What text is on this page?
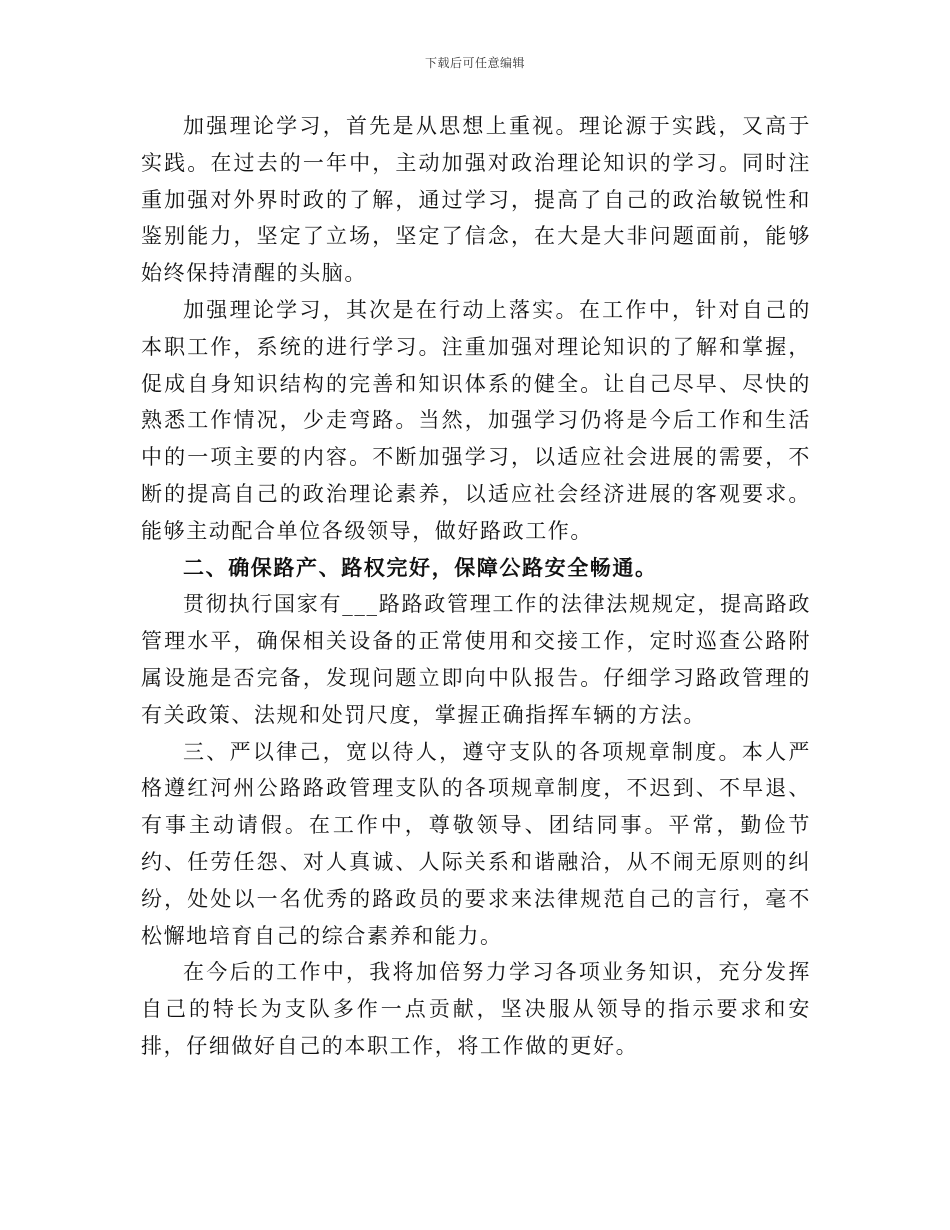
下载后可任意编辑

加强理论学习，首先是从思想上重视。理论源于实践，又高于实践。在过去的一年中，主动加强对政治理论知识的学习。同时注重加强对外界时政的了解，通过学习，提高了自己的政治敏锐性和鉴别能力，坚定了立场，坚定了信念，在大是大非问题面前，能够始终保持清醒的头脑。

加强理论学习，其次是在行动上落实。在工作中，针对自己的本职工作，系统的进行学习。注重加强对理论知识的了解和掌握，促成自身知识结构的完善和知识体系的健全。让自己尽早、尽快的熟悉工作情况，少走弯路。当然，加强学习仍将是今后工作和生活中的一项主要的内容。不断加强学习，以适应社会进展的需要，不断的提高自己的政治理论素养，以适应社会经济进展的客观要求。能够主动配合单位各级领导，做好路政工作。

二、确保路产、路权完好，保障公路安全畅通。

贯彻执行国家有___路路政管理工作的法律法规规定，提高路政管理水平，确保相关设备的正常使用和交接工作，定时巡查公路附属设施是否完备，发现问题立即向中队报告。仔细学习路政管理的有关政策、法规和处罚尺度，掌握正确指挥车辆的方法。

三、严以律己，宽以待人，遵守支队的各项规章制度。本人严格遵红河州公路路政管理支队的各项规章制度，不迟到、不早退、有事主动请假。在工作中，尊敬领导、团结同事。平常，勤俭节约、任劳任怨、对人真诚、人际关系和谐融洽，从不闹无原则的纠纷，处处以一名优秀的路政员的要求来法律规范自己的言行，毫不松懈地培育自己的综合素养和能力。

在今后的工作中，我将加倍努力学习各项业务知识，充分发挥自己的特长为支队多作一点贡献，坚决服从领导的指示要求和安排，仔细做好自己的本职工作，将工作做的更好。
